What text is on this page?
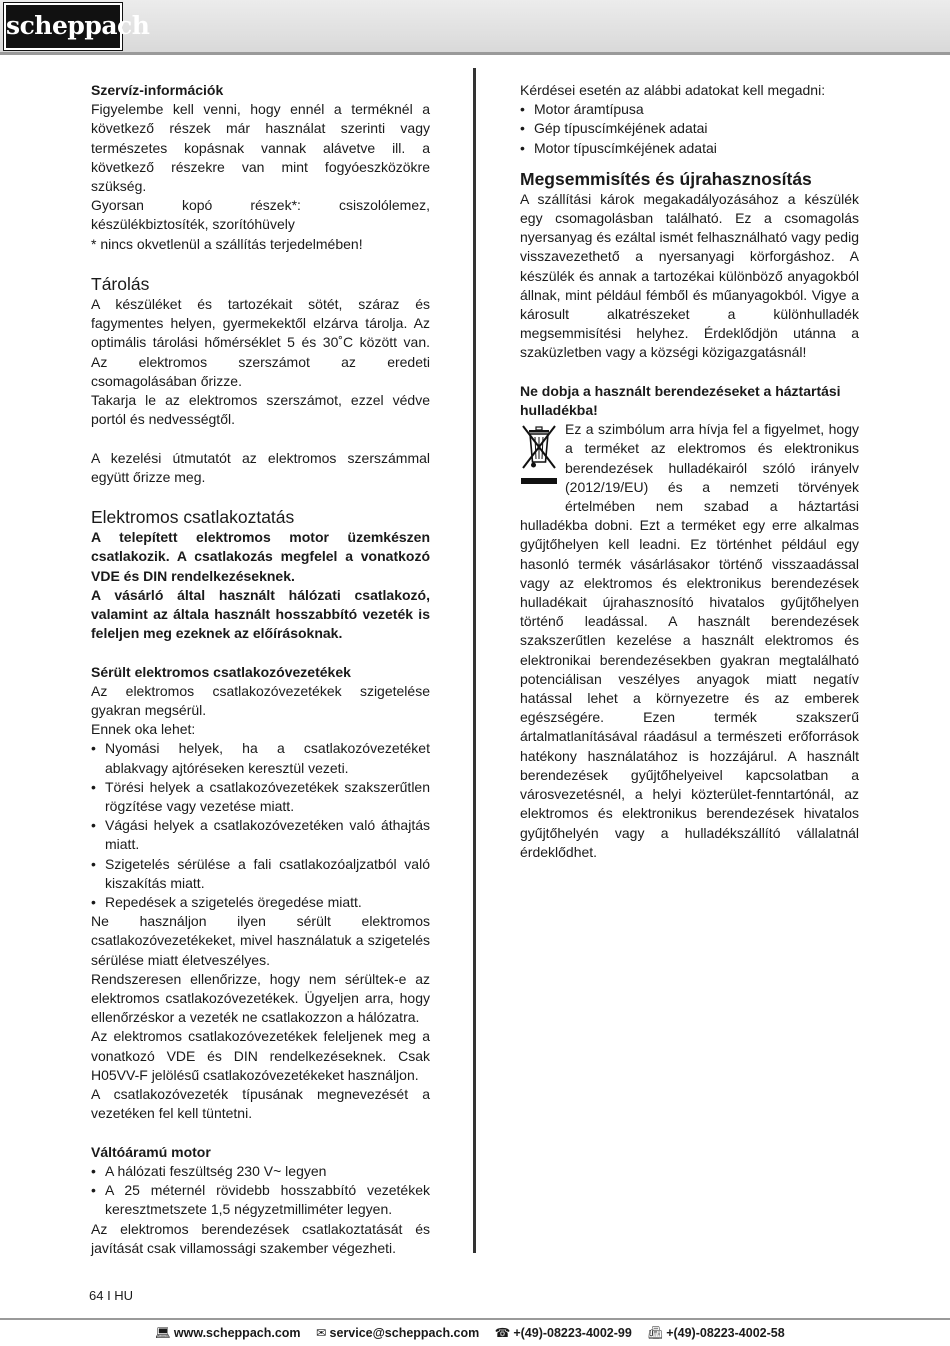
scheppach
Szervíz-információk

Figyelembe kell venni, hogy ennél a terméknél a következő részek már használat szerinti vagy természetes kopásnak vannak alávetve ill. a következő részekre van mint fogyóeszközökre szükség.

Gyorsan kopó részek*: csiszolólemez, készülékbiztosíték, szorítóhüvely

* nincs okvetlenül a szállítás terjedelmében!

Tárolás

A készüléket és tartozékait sötét, száraz és fagymentes helyen, gyermekektől elzárva tárolja. Az optimális tárolási hőmérséklet 5 és 30˚C között van. Az elektromos szerszámot az eredeti csomagolásában őrizze.

Takarja le az elektromos szerszámot, ezzel védve portól és nedvességtől.

A kezelési útmutatót az elektromos szerszámmal együtt őrizze meg.

Elektromos csatlakoztatás

A telepített elektromos motor üzemkészen csatlakozik. A csatlakozás megfelel a vonatkozó VDE és DIN rendelkezéseknek.

A vásárló által használt hálózati csatlakozó, valamint az általa használt hosszabbító vezeték is feleljen meg ezeknek az előírásoknak.

Sérült elektromos csatlakozóvezetékek

Az elektromos csatlakozóvezetékek szigetelése gyakran megsérül.

Ennek oka lehet:

• Nyomási helyek, ha a csatlakozóvezetéket ablakvagy ajtóréseken keresztül vezeti.
• Törési helyek a csatlakozóvezetékek szakszerűtlen rögzítése vagy vezetése miatt.
• Vágási helyek a csatlakozóvezetéken való áthajtás miatt.
• Szigetelés sérülése a fali csatlakozóaljzatból való kiszakítás miatt.
• Repedések a szigetelés öregedése miatt.

Ne használjon ilyen sérült elektromos csatlakozóvezetékeket, mivel használatuk a szigetelés sérülése miatt életveszélyes.

Rendszeresen ellenőrizze, hogy nem sérültek-e az elektromos csatlakozóvezetékek. Ügyeljen arra, hogy ellenőrzéskor a vezeték ne csatlakozzon a hálózatra.

Az elektromos csatlakozóvezetékek feleljenek meg a vonatkozó VDE és DIN rendelkezéseknek. Csak H05VV-F jelölésű csatlakozóvezetékeket használjon.

A csatlakozóvezeték típusának megnevezését a vezetéken fel kell tüntetni.

Váltóáramú motor
• A hálózati feszültség 230 V~ legyen
• A 25 méternél rövidebb hosszabbító vezetékek keresztmetszete 1,5 négyzetmilliméter legyen.

Az elektromos berendezések csatlakoztatását és javítását csak villamossági szakember végezheti.

Kérdései esetén az alábbi adatokat kell megadni:

• Motor áramtípusa
• Gép típuscímkéjének adatai
• Motor típuscímkéjének adatai
Megsemmisítés és újrahasznosítás

A szállítási károk megakadályozásához a készülék egy csomagolásban található. Ez a csomagolás nyersanyag és ezáltal ismét felhasználható vagy pedig visszavezethető a nyersanyagi körforgáshoz. A készülék és annak a tartozékai különböző anyagokból állnak, mint például fémből és műanyagokból. Vigye a károsult alkatrészeket a különhulladék megsemmisítési helyhez. Érdeklődjön utánna a szaküzletben vagy a községi közigazgatásnál!

Ne dobja a használt berendezéseket a háztartási hulladékba!

Ez a szimbólum arra hívja fel a figyelmet, hogy a terméket az elektromos és elektronikus berendezések hulladékairól szóló irányelv (2012/19/EU) és a nemzeti törvények értelmében nem szabad a háztartási hulladékba dobni. Ezt a terméket egy erre alkalmas gyűjtőhelyen kell leadni. Ez történhet például egy hasonló termék vásárlásakor történő visszaadással vagy az elektromos és elektronikus berendezések hulladékait újrahasznosító hivatalos gyűjtőhelyen történő leadással. A használt berendezések szakszerűtlen kezelése a használt elektromos és elektronikai berendezésekben gyakran megtalálható potenciálisan veszélyes anyagok miatt negatív hatással lehet a környezetre és az emberek egészségére. Ezen termék szakszerű ártalmatlanításával ráadásul a természeti erőforrások hatékony használatához is hozzájárul. A használt berendezések gyűjtőhelyeivel kapcsolatban a városvezetésnél, a helyi közterület-fenntartónál, az elektromos és elektronikus berendezések hivatalos gyűjtőhelyén vagy a hulladékszállító vállalatnál érdeklődhet.

64 I HU
💻︎ www.scheppach.com ✉ service@scheppach.com ☎ +(49)-08223-4002-99 📠︎ +(49)-08223-4002-58
